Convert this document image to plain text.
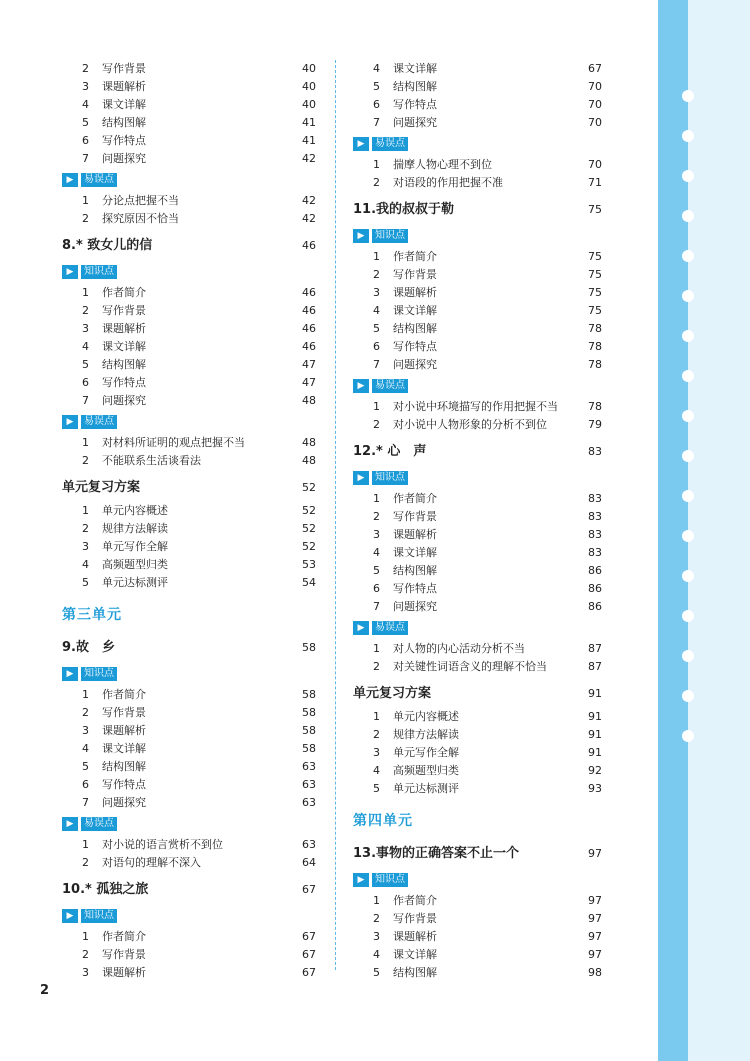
2 写作背景	40
3 课题解析	40
4 课文详解	40
5 结构图解	41
6 写作特点	41
7 问题探究	42
▶	易误点
1 分论点把握不当	42
2 探究原因不恰当	42
8.* 致女儿的信	46
▶	知识点
1 作者简介	46
2 写作背景	46
3 课题解析	46
4 课文详解	46
5 结构图解	47
6 写作特点	47
7 问题探究	48
▶	易误点
1 对材料所证明的观点把握不当	48
2 不能联系生活谈看法	48
单元复习方案	52
1 单元内容概述	52
2 规律方法解读	52
3 单元写作全解	52
4 高频题型归类	53
5 单元达标测评	54
第三单元
9.故　乡	58
▶	知识点
1 作者简介	58
2 写作背景	58
3 课题解析	58
4 课文详解	58
5 结构图解	63
6 写作特点	63
7 问题探究	63
▶	易误点
1 对小说的语言赏析不到位	63
2 对语句的理解不深入	64
10.* 孤独之旅	67
▶	知识点
1 作者简介	67
2 写作背景	67
3 课题解析	67
4 课文详解	67
5 结构图解	70
6 写作特点	70
7 问题探究	70
▶	易误点
1 揣摩人物心理不到位	70
2 对语段的作用把握不准	71
11.我的叔叔于勒	75
▶	知识点
1 作者简介	75
2 写作背景	75
3 课题解析	75
4 课文详解	75
5 结构图解	78
6 写作特点	78
7 问题探究	78
▶	易误点
1 对小说中环境描写的作用把握不当	78
2 对小说中人物形象的分析不到位	79
12.* 心　声	83
▶	知识点
1 作者简介	83
2 写作背景	83
3 课题解析	83
4 课文详解	83
5 结构图解	86
6 写作特点	86
7 问题探究	86
▶	易误点
1 对人物的内心活动分析不当	87
2 对关键性词语含义的理解不恰当	87
单元复习方案	91
1 单元内容概述	91
2 规律方法解读	91
3 单元写作全解	91
4 高频题型归类	92
5 单元达标测评	93
第四单元
13.事物的正确答案不止一个	97
▶	知识点
1 作者简介	97
2 写作背景	97
3 课题解析	97
4 课文详解	97
5 结构图解	98
2
